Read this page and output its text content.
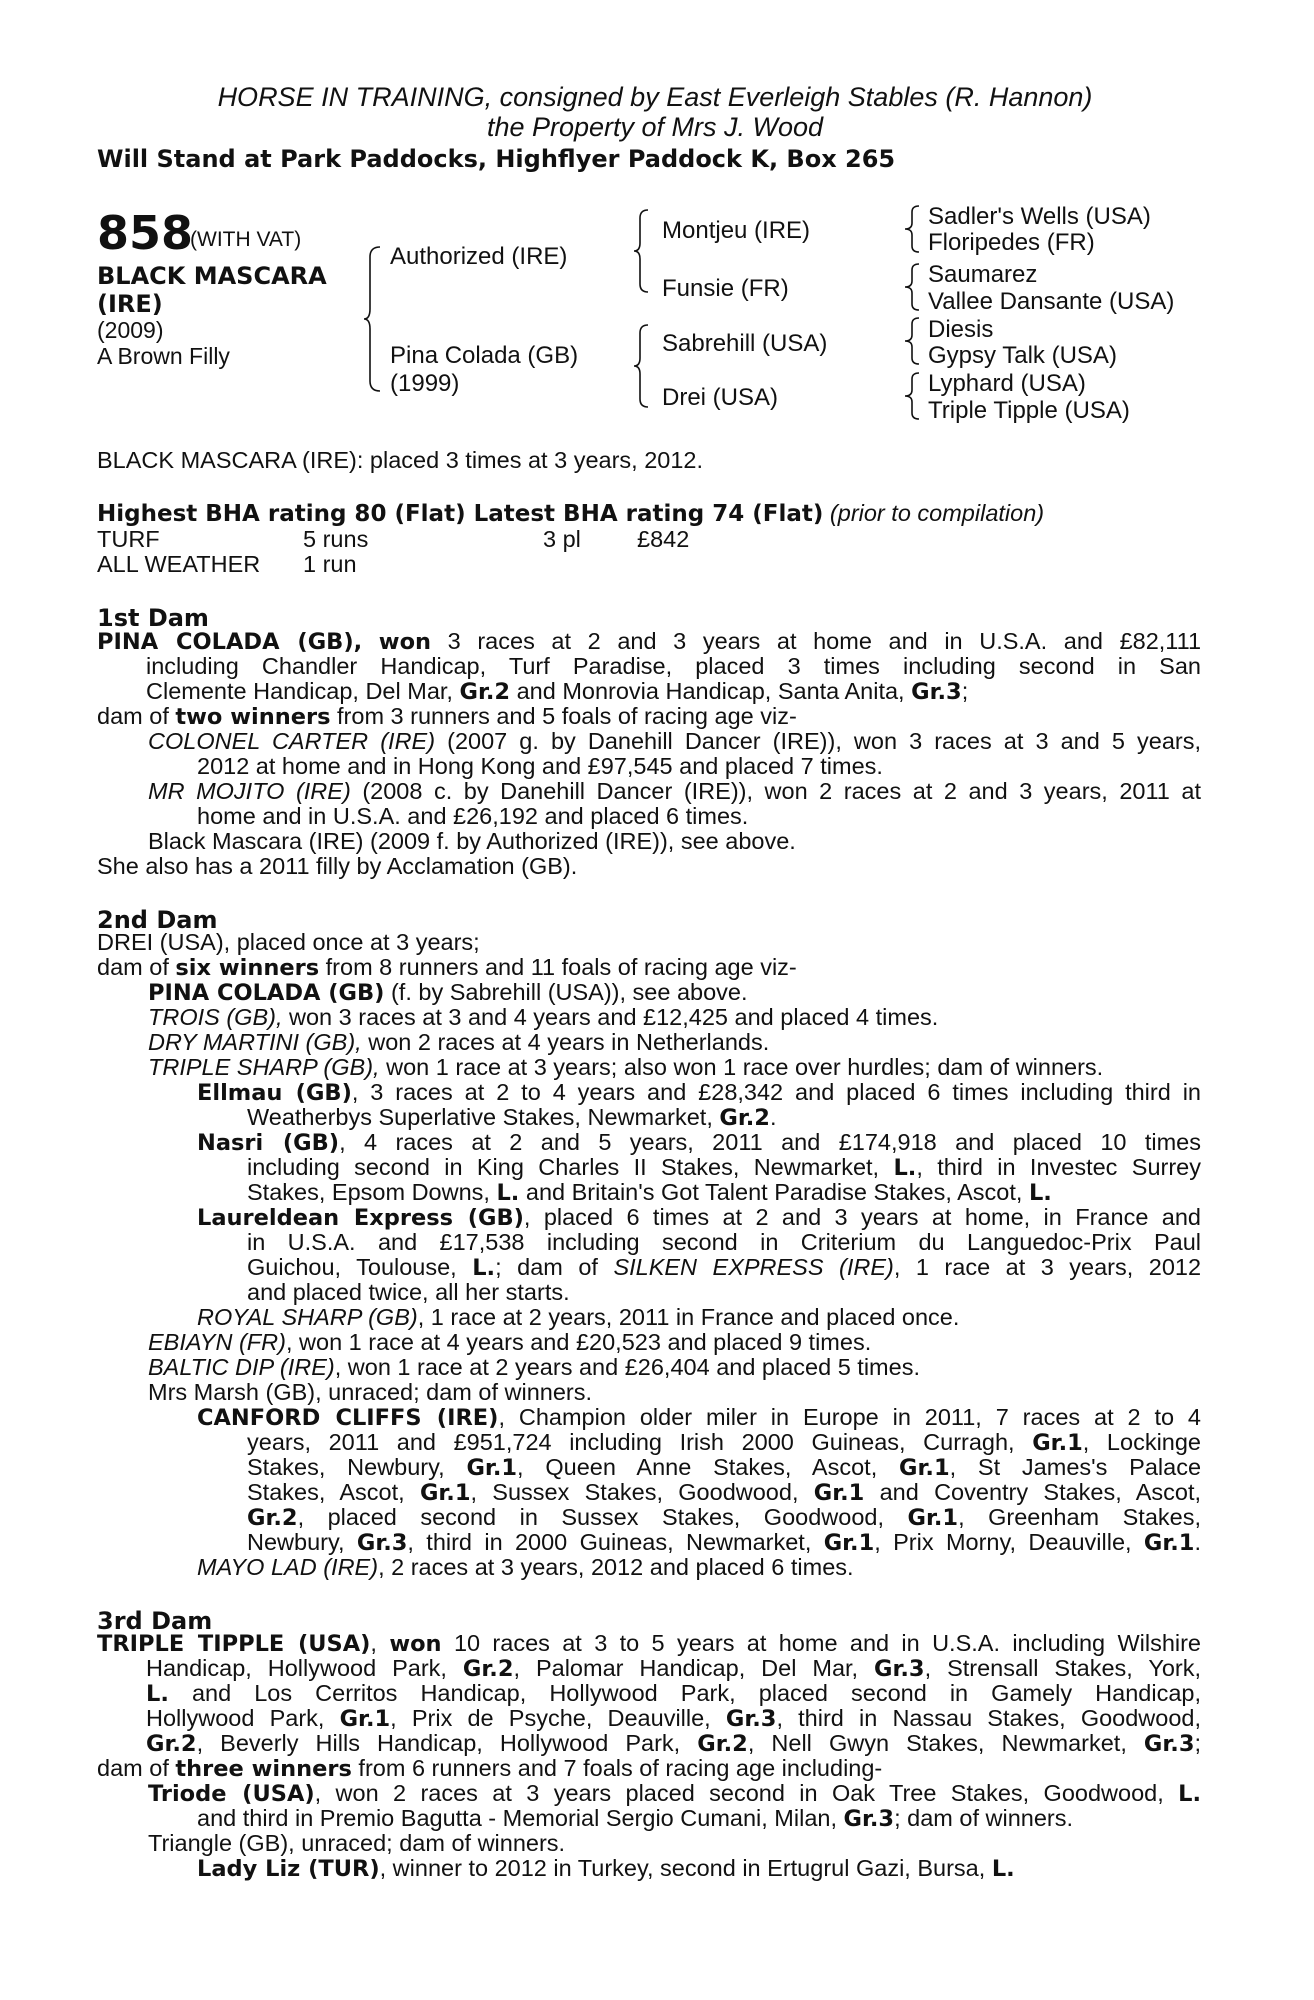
HORSE IN TRAINING, consigned by East Everleigh Stables (R. Hannon)
the Property of Mrs J. Wood
Will Stand at Park Paddocks, Highflyer Paddock K, Box 265
858
(WITH VAT)
BLACK MASCARA
(IRE)
(2009)
A Brown Filly
Authorized (IRE)
Pina Colada (GB)
(1999)
Montjeu (IRE)
Funsie (FR)
Sabrehill (USA)
Drei (USA)
Sadler's Wells (USA)
Floripedes (FR)
Saumarez
Vallee Dansante (USA)
Diesis
Gypsy Talk (USA)
Lyphard (USA)
Triple Tipple (USA)
BLACK MASCARA (IRE): placed 3 times at 3 years, 2012.
Highest BHA rating 80 (Flat) Latest BHA rating 74 (Flat) (prior to compilation)
TURF	5 runs	3 pl £842
ALL WEATHER 1 run
1st Dam
PINA COLADA (GB), won 3 races at 2 and 3 years at home and in U.S.A. and £82,111
including Chandler Handicap, Turf Paradise, placed 3 times including second in San
Clemente Handicap, Del Mar, Gr.2 and Monrovia Handicap, Santa Anita, Gr.3;
dam of two winners from 3 runners and 5 foals of racing age viz-
COLONEL CARTER (IRE) (2007 g. by Danehill Dancer (IRE)), won 3 races at 3 and 5 years,
2012 at home and in Hong Kong and £97,545 and placed 7 times.
MR MOJITO (IRE) (2008 c. by Danehill Dancer (IRE)), won 2 races at 2 and 3 years, 2011 at
home and in U.S.A. and £26,192 and placed 6 times.
Black Mascara (IRE) (2009 f. by Authorized (IRE)), see above.
She also has a 2011 filly by Acclamation (GB).
2nd Dam
DREI (USA), placed once at 3 years;
dam of six winners from 8 runners and 11 foals of racing age viz-
PINA COLADA (GB) (f. by Sabrehill (USA)), see above.
TROIS (GB), won 3 races at 3 and 4 years and £12,425 and placed 4 times.
DRY MARTINI (GB), won 2 races at 4 years in Netherlands.
TRIPLE SHARP (GB), won 1 race at 3 years; also won 1 race over hurdles; dam of winners.
Ellmau (GB), 3 races at 2 to 4 years and £28,342 and placed 6 times including third in
Weatherbys Superlative Stakes, Newmarket, Gr.2.
Nasri (GB), 4 races at 2 and 5 years, 2011 and £174,918 and placed 10 times
including second in King Charles II Stakes, Newmarket, L., third in Investec Surrey
Stakes, Epsom Downs, L. and Britain's Got Talent Paradise Stakes, Ascot, L.
Laureldean Express (GB), placed 6 times at 2 and 3 years at home, in France and
in U.S.A. and £17,538 including second in Criterium du Languedoc-Prix Paul
Guichou, Toulouse, L.; dam of SILKEN EXPRESS (IRE), 1 race at 3 years, 2012
and placed twice, all her starts.
ROYAL SHARP (GB), 1 race at 2 years, 2011 in France and placed once.
EBIAYN (FR), won 1 race at 4 years and £20,523 and placed 9 times.
BALTIC DIP (IRE), won 1 race at 2 years and £26,404 and placed 5 times.
Mrs Marsh (GB), unraced; dam of winners.
CANFORD CLIFFS (IRE), Champion older miler in Europe in 2011, 7 races at 2 to 4
years, 2011 and £951,724 including Irish 2000 Guineas, Curragh, Gr.1, Lockinge
Stakes, Newbury, Gr.1, Queen Anne Stakes, Ascot, Gr.1, St James's Palace
Stakes, Ascot, Gr.1, Sussex Stakes, Goodwood, Gr.1 and Coventry Stakes, Ascot,
Gr.2, placed second in Sussex Stakes, Goodwood, Gr.1, Greenham Stakes,
Newbury, Gr.3, third in 2000 Guineas, Newmarket, Gr.1, Prix Morny, Deauville, Gr.1.
MAYO LAD (IRE), 2 races at 3 years, 2012 and placed 6 times.
3rd Dam
TRIPLE TIPPLE (USA), won 10 races at 3 to 5 years at home and in U.S.A. including Wilshire
Handicap, Hollywood Park, Gr.2, Palomar Handicap, Del Mar, Gr.3, Strensall Stakes, York,
L. and Los Cerritos Handicap, Hollywood Park, placed second in Gamely Handicap,
Hollywood Park, Gr.1, Prix de Psyche, Deauville, Gr.3, third in Nassau Stakes, Goodwood,
Gr.2, Beverly Hills Handicap, Hollywood Park, Gr.2, Nell Gwyn Stakes, Newmarket, Gr.3;
dam of three winners from 6 runners and 7 foals of racing age including-
Triode (USA), won 2 races at 3 years placed second in Oak Tree Stakes, Goodwood, L.
and third in Premio Bagutta - Memorial Sergio Cumani, Milan, Gr.3; dam of winners.
Triangle (GB), unraced; dam of winners.
Lady Liz (TUR), winner to 2012 in Turkey, second in Ertugrul Gazi, Bursa, L.
